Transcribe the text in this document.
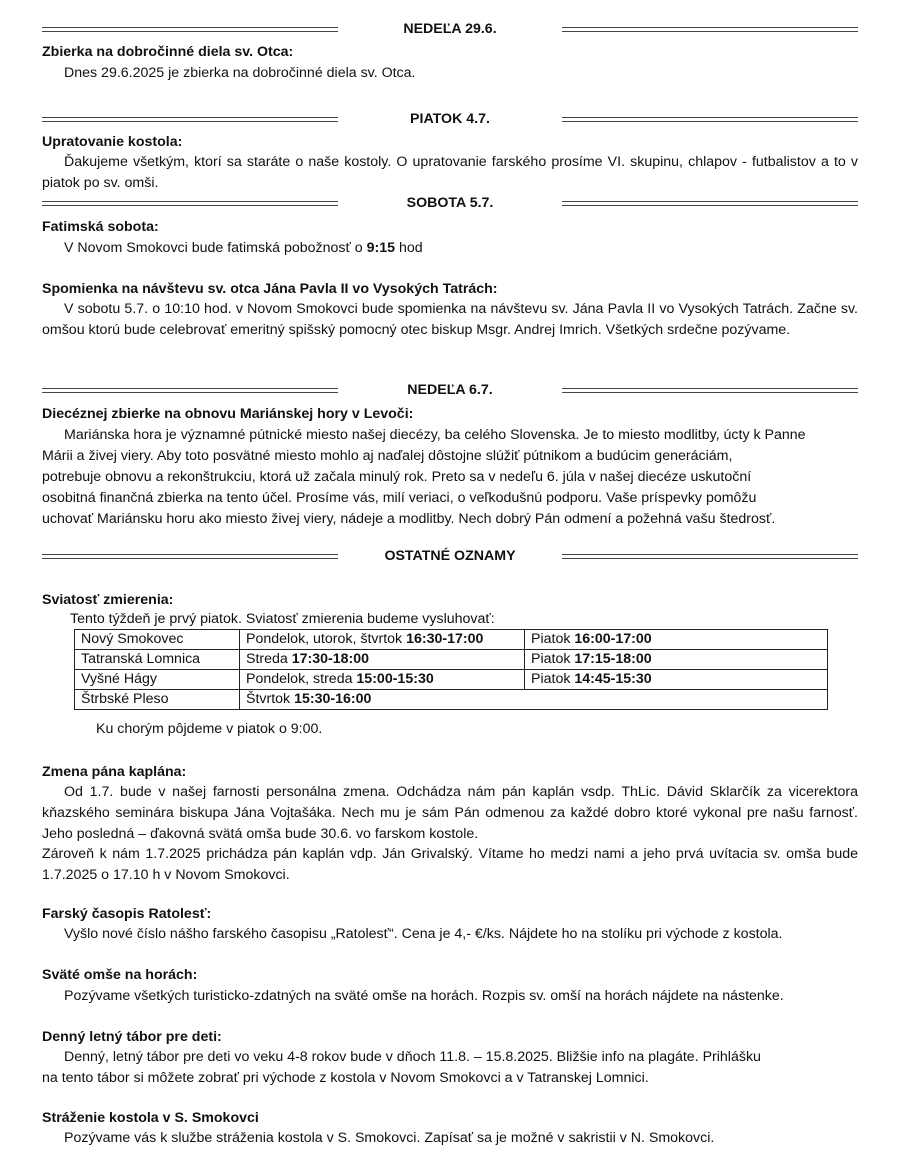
NEDEĽA 29.6.
Zbierka na dobročinné diela sv. Otca:
Dnes 29.6.2025 je zbierka na dobročinné diela sv. Otca.
PIATOK 4.7.
Upratovanie kostola:
Ďakujeme všetkým, ktorí sa staráte o naše kostoly. O upratovanie farského prosíme VI. skupinu, chlapov - futbalistov a to v piatok po sv. omši.
SOBOTA 5.7.
Fatimská sobota:
V Novom Smokovci bude fatimská pobožnosť o 9:15 hod
Spomienka na návštevu sv. otca Jána Pavla II vo Vysokých Tatrách:
V sobotu 5.7. o 10:10 hod. v Novom Smokovci bude spomienka na návštevu sv. Jána Pavla II vo Vysokých Tatrách. Začne sv. omšou ktorú bude celebrovať emeritný spišský pomocný otec biskup Msgr. Andrej Imrich. Všetkých srdečne pozývame.
NEDEĽA 6.7.
Diecéznej zbierke na obnovu Mariánskej hory v Levoči:
Mariánska hora je významné pútnické miesto našej diecézy, ba celého Slovenska. Je to miesto modlitby, úcty k Panne
Márii a živej viery. Aby toto posvätné miesto mohlo aj naďalej dôstojne slúžiť pútnikom a budúcim generáciám,
potrebuje obnovu a rekonštrukciu, ktorá už začala minulý rok. Preto sa v nedeľu 6. júla v našej diecéze uskutoční
osobitná finančná zbierka na tento účel. Prosíme vás, milí veriaci, o veľkodušnú podporu. Vaše príspevky pomôžu
uchovať Mariánsku horu ako miesto živej viery, nádeje a modlitby. Nech dobrý Pán odmení a požehná vašu štedrosť.
OSTATNÉ OZNAMY
Sviatosť zmierenia:
Tento týždeň je prvý piatok. Sviatosť zmierenia budeme vysluhovať:
Nový Smokovec	Pondelok, utorok, štvrtok 16:30-17:00	Piatok 16:00-17:00
Tatranská Lomnica	Streda 17:30-18:00	Piatok 17:15-18:00
Vyšné Hágy	Pondelok, streda 15:00-15:30	Piatok 14:45-15:30
Štrbské Pleso	Štvrtok 15:30-16:00	
Ku chorým pôjdeme v piatok o 9:00.
Zmena pána kaplána:
Od 1.7. bude v našej farnosti personálna zmena. Odchádza nám pán kaplán vsdp. ThLic. Dávid Sklarčík za vicerektora kňazského seminára biskupa Jána Vojtašáka. Nech mu je sám Pán odmenou za každé dobro ktoré vykonal pre našu farnosť. Jeho posledná – ďakovná svätá omša bude 30.6. vo farskom kostole.
Zároveň k nám 1.7.2025 prichádza pán kaplán vdp. Ján Grivalský. Vítame ho medzi nami a jeho prvá uvítacia sv. omša bude 1.7.2025 o 17.10 h v Novom Smokovci.
Farský časopis Ratolesť:
Vyšlo nové číslo nášho farského časopisu „Ratolesť“. Cena je 4,- €/ks. Nájdete ho na stolíku pri východe z kostola.
Sväté omše na horách:
Pozývame všetkých turisticko-zdatných na sväté omše na horách. Rozpis sv. omší na horách nájdete na nástenke.
Denný letný tábor pre deti:
Denný, letný tábor pre deti vo veku 4-8 rokov bude v dňoch 11.8. – 15.8.2025. Bližšie info na plagáte. Prihlášku
na tento tábor si môžete zobrať pri východe z kostola v Novom Smokovci a v Tatranskej Lomnici.
Stráženie kostola v S. Smokovci
Pozývame vás k službe stráženia kostola v S. Smokovci. Zapísať sa je možné v sakristii v N. Smokovci.
